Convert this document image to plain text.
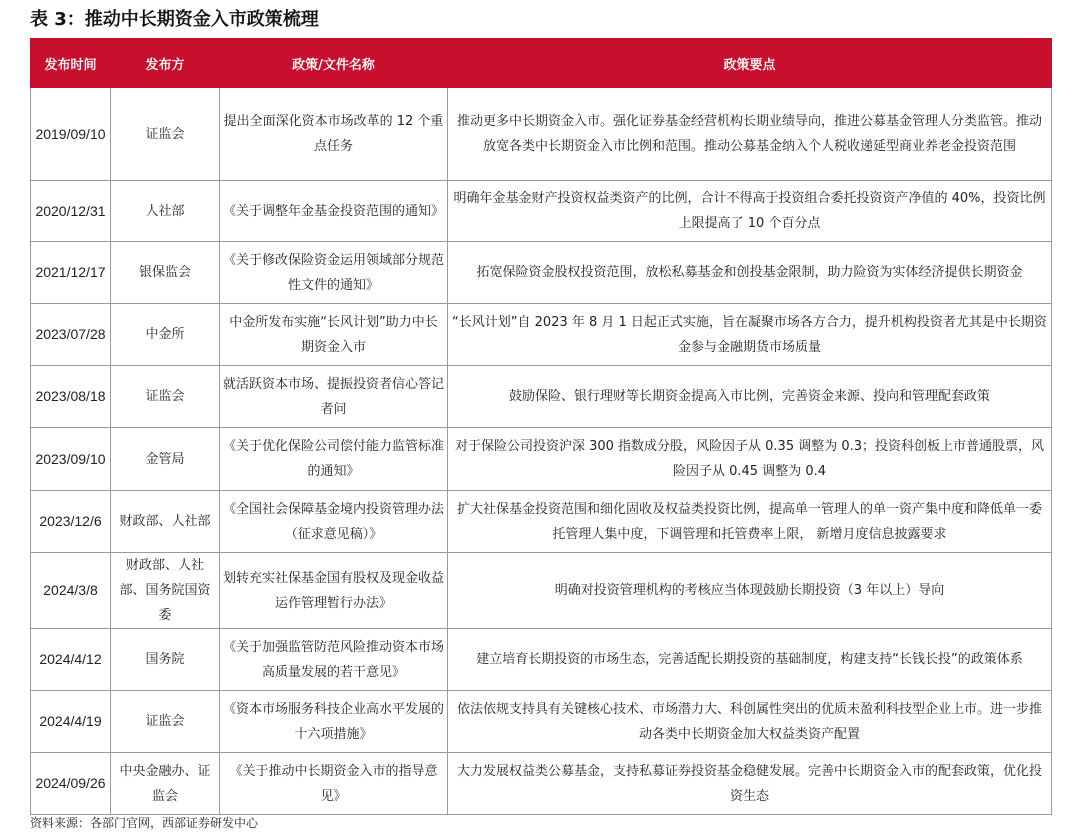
表 3：推动中长期资金入市政策梳理
发布时间	发布方	政策/文件名称	政策要点
2019/09/10	证监会	提出全面深化资本市场改革的 12 个重点任务	推动更多中长期资金入市。强化证券基金经营机构长期业绩导向，推进公募基金管理人分类监管。推动放宽各类中长期资金入市比例和范围。推动公募基金纳入个人税收递延型商业养老金投资范围
2020/12/31	人社部	《关于调整年金基金投资范围的通知》	明确年金基金财产投资权益类资产的比例，合计不得高于投资组合委托投资资产净值的 40%，投资比例上限提高了 10 个百分点
2021/12/17	银保监会	《关于修改保险资金运用领域部分规范性文件的通知》	拓宽保险资金股权投资范围，放松私募基金和创投基金限制，助力险资为实体经济提供长期资金
2023/07/28	中金所	中金所发布实施“长风计划”助力中长期资金入市	“长风计划”自 2023 年 8 月 1 日起正式实施，旨在凝聚市场各方合力，提升机构投资者尤其是中长期资金参与金融期货市场质量
2023/08/18	证监会	就活跃资本市场、提振投资者信心答记者问	鼓励保险、银行理财等长期资金提高入市比例，完善资金来源、投向和管理配套政策
2023/09/10	金管局	《关于优化保险公司偿付能力监管标准的通知》	对于保险公司投资沪深 300 指数成分股，风险因子从 0.35 调整为 0.3；投资科创板上市普通股票，风险因子从 0.45 调整为 0.4
2023/12/6	财政部、人社部	《全国社会保障基金境内投资管理办法（征求意见稿）》	扩大社保基金投资范围和细化固收及权益类投资比例，提高单一管理人的单一资产集中度和降低单一委托管理人集中度，下调管理和托管费率上限， 新增月度信息披露要求
2024/3/8	财政部、人社部、国务院国资委	划转充实社保基金国有股权及现金收益运作管理暂行办法》	明确对投资管理机构的考核应当体现鼓励长期投资（3 年以上）导向
2024/4/12	国务院	《关于加强监管防范风险推动资本市场高质量发展的若干意见》	建立培育长期投资的市场生态，完善适配长期投资的基础制度，构建支持“长钱长投”的政策体系
2024/4/19	证监会	《资本市场服务科技企业高水平发展的十六项措施》	依法依规支持具有关键核心技术、市场潜力大、科创属性突出的优质未盈利科技型企业上市。进一步推动各类中长期资金加大权益类资产配置
2024/09/26	中央金融办、证监会	《关于推动中长期资金入市的指导意见》	大力发展权益类公募基金，支持私募证券投资基金稳健发展。完善中长期资金入市的配套政策，优化投资生态
资料来源：各部门官网，西部证券研发中心
